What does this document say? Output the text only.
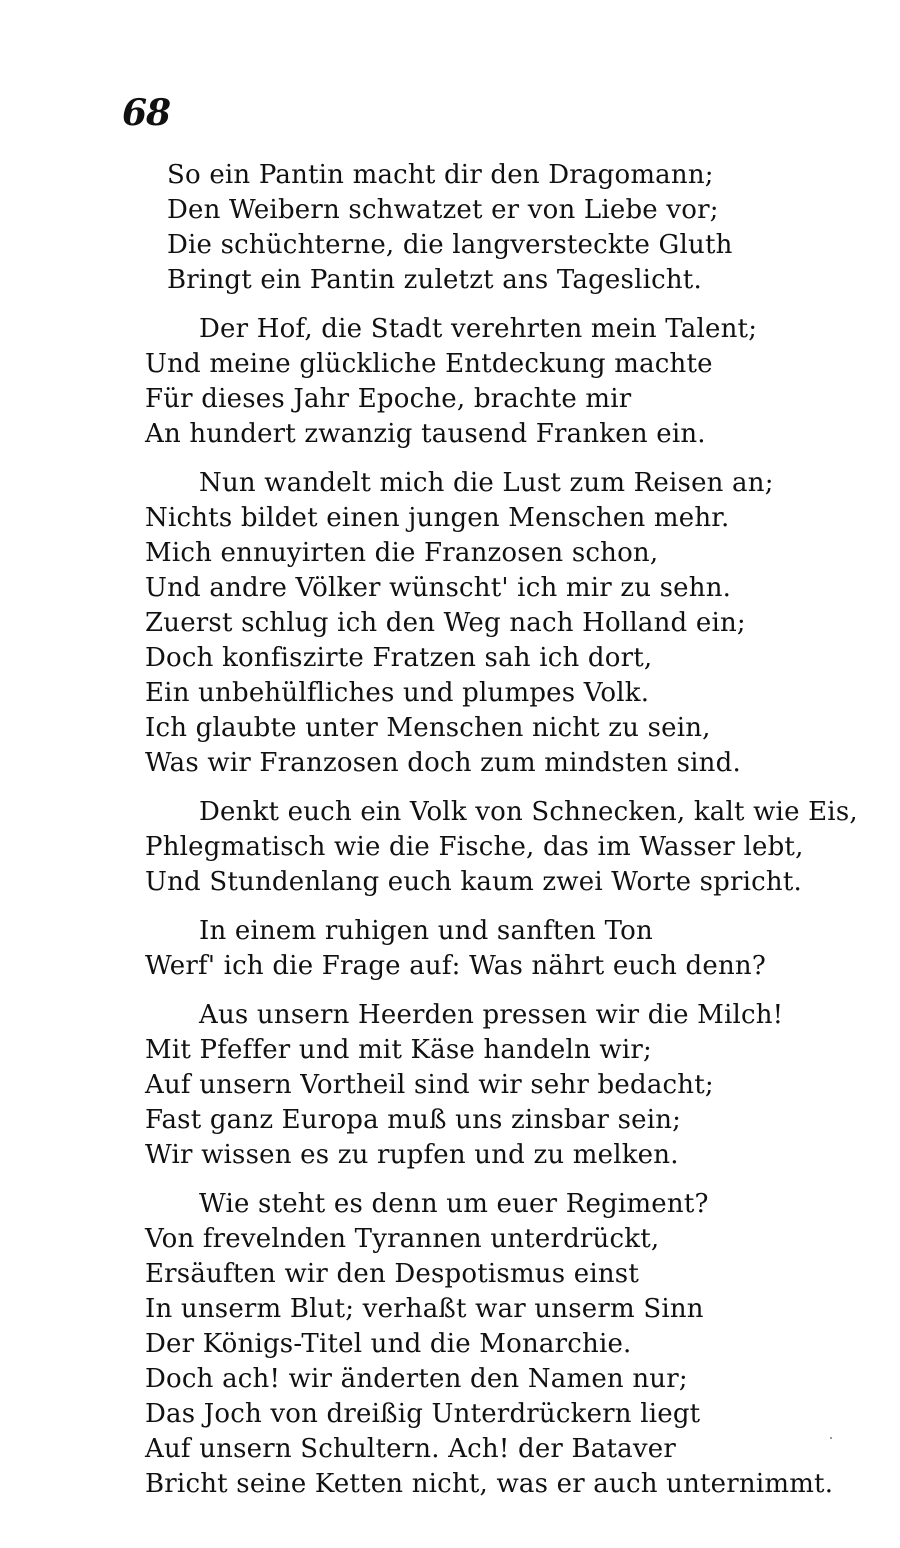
68
So ein Pantin macht dir den Dragomann;
Den Weibern schwatzet er von Liebe vor;
Die schüchterne, die langversteckte Gluth
Bringt ein Pantin zuletzt ans Tageslicht.
Der Hof, die Stadt verehrten mein Talent;
Und meine glückliche Entdeckung machte
Für dieses Jahr Epoche, brachte mir
An hundert zwanzig tausend Franken ein.
Nun wandelt mich die Lust zum Reisen an;
Nichts bildet einen jungen Menschen mehr.
Mich ennuyirten die Franzosen schon,
Und andre Völker wünscht' ich mir zu sehn.
Zuerst schlug ich den Weg nach Holland ein;
Doch konfiszirte Fratzen sah ich dort,
Ein unbehülfliches und plumpes Volk.
Ich glaubte unter Menschen nicht zu sein,
Was wir Franzosen doch zum mindsten sind.
Denkt euch ein Volk von Schnecken, kalt wie Eis,
Phlegmatisch wie die Fische, das im Wasser lebt,
Und Stundenlang euch kaum zwei Worte spricht.
In einem ruhigen und sanften Ton
Werf' ich die Frage auf: Was nährt euch denn?
Aus unsern Heerden pressen wir die Milch!
Mit Pfeffer und mit Käse handeln wir;
Auf unsern Vortheil sind wir sehr bedacht;
Fast ganz Europa muß uns zinsbar sein;
Wir wissen es zu rupfen und zu melken.
Wie steht es denn um euer Regiment?
Von frevelnden Tyrannen unterdrückt,
Ersäuften wir den Despotismus einst
In unserm Blut; verhaßt war unserm Sinn
Der Königs-Titel und die Monarchie.
Doch ach! wir änderten den Namen nur;
Das Joch von dreißig Unterdrückern liegt
Auf unsern Schultern. Ach! der Bataver
Bricht seine Ketten nicht, was er auch unternimmt.
